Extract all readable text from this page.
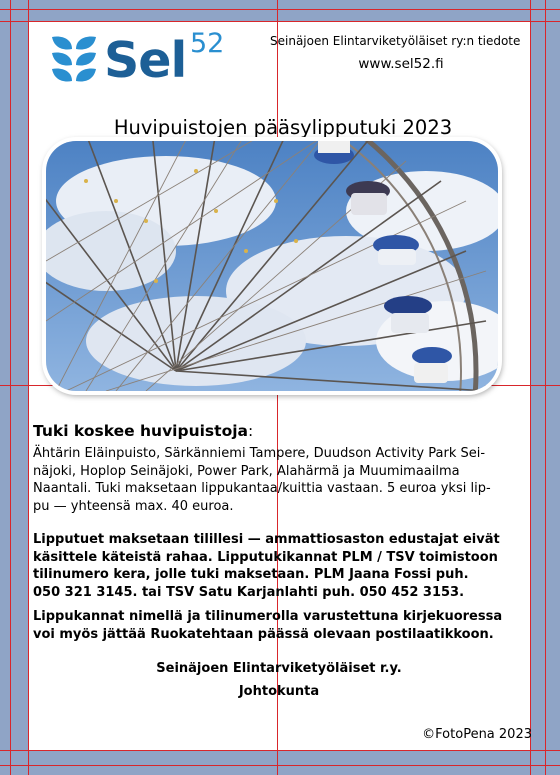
Sel 52	Seinäjoen Elintarviketyöläiset ry:n tiedote
www.sel52.fi
Huvipuistojen pääsylipputuki 2023
Tuki koskee huvipuistoja:
Ähtärin Eläinpuisto, Särkänniemi Tampere, Duudson Activity Park Sei-
näjoki, Hoplop Seinäjoki, Power Park, Alahärmä ja Muumimaailma
Naantali. Tuki maksetaan lippukantaa/kuittia vastaan. 5 euroa yksi lip-
pu — yhteensä max. 40 euroa.
Lipputuet maksetaan tilillesi — ammattiosaston edustajat eivät
käsittele käteistä rahaa. Lipputukikannat PLM / TSV toimistoon
tilinumero kera, jolle tuki maksetaan. PLM Jaana Fossi puh.
050 321 3145. tai TSV Satu Karjanlahti puh. 050 452 3153.
Lippukannat nimellä ja tilinumerolla varustettuna kirjekuoressa
voi myös jättää Ruokatehtaan päässä olevaan postilaatikkoon.
Seinäjoen Elintarviketyöläiset r.y.
Johtokunta
©FotoPena 2023
